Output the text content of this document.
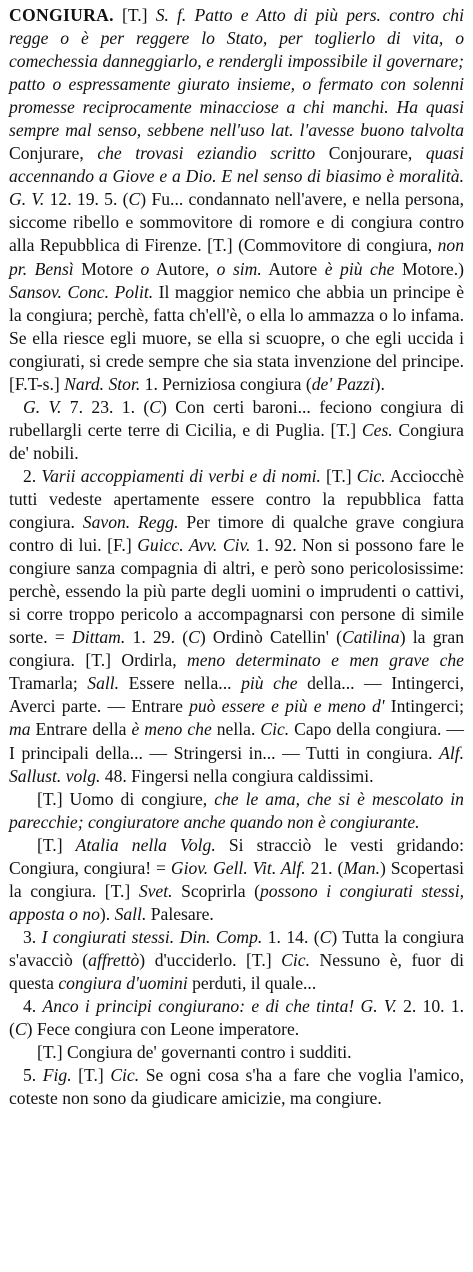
CONGIURA. [T.] S. f. Patto e Atto di più pers. contro chi regge o è per reggere lo Stato, per toglierlo di vita, o comechessia danneggiarlo, e rendergli impossibile il governare; patto o espressamente giurato insieme, o fermato con solenni promesse reciprocamente minacciose a chi manchi. Ha quasi sempre mal senso, sebbene nell'uso lat. l'avesse buono talvolta Conjurare, che trovasi eziandio scritto Conjourare, quasi accennando a Giove e a Dio. E nel senso di biasimo è moralità. G. V. 12. 19. 5. (C) Fu... condannato nell'avere, e nella persona, siccome ribello e sommovitore di romore e di congiura contro alla Repubblica di Firenze. [T.] (Commovitore di congiura, non pr. Bensì Motore o Autore, o sim. Autore è più che Motore.) Sansov. Conc. Polit. Il maggior nemico che abbia un principe è la congiura; perchè, fatta ch'ell'è, o ella lo ammazza o lo infama. Se ella riesce egli muore, se ella si scuopre, o che egli uccida i congiurati, si crede sempre che sia stata invenzione del principe. [F.T-s.] Nard. Stor. 1. Perniziosa congiura (de' Pazzi).

G. V. 7. 23. 1. (C) Con certi baroni... feciono congiura di rubellargli certe terre di Cicilia, e di Puglia. [T.] Ces. Congiura de' nobili.

2. Varii accoppiamenti di verbi e di nomi. [T.] Cic. Acciocchè tutti vedeste apertamente essere contro la repubblica fatta congiura. Savon. Regg. Per timore di qualche grave congiura contro di lui. [F.] Guicc. Avv. Civ. 1. 92. Non si possono fare le congiure sanza compagnia di altri, e però sono pericolosissime: perchè, essendo la più parte degli uomini o imprudenti o cattivi, si corre troppo pericolo a accompagnarsi con persone di simile sorte. = Dittam. 1. 29. (C) Ordinò Catellin' (Catilina) la gran congiura. [T.] Ordirla, meno determinato e men grave che Tramarla; Sall. Essere nella... più che della... — Intingerci, Averci parte. — Entrare può essere e più e meno d' Intingerci; ma Entrare della è meno che nella. Cic. Capo della congiura. — I principali della... — Stringersi in... — Tutti in congiura. Alf. Sallust. volg. 48. Fingersi nella congiura caldissimi.

[T.] Uomo di congiure, che le ama, che si è mescolato in parecchie; congiuratore anche quando non è congiurante.

[T.] Atalia nella Volg. Si stracciò le vesti gridando: Congiura, congiura! = Giov. Gell. Vit. Alf. 21. (Man.) Scopertasi la congiura. [T.] Svet. Scoprirla (possono i congiurati stessi, apposta o no). Sall. Palesare.

3. I congiurati stessi. Din. Comp. 1. 14. (C) Tutta la congiura s'avacciò (affrettò) d'ucciderlo. [T.] Cic. Nessuno è, fuor di questa congiura d'uomini perduti, il quale...

4. Anco i principi congiurano: e di che tinta! G. V. 2. 10. 1. (C) Fece congiura con Leone imperatore.

[T.] Congiura de' governanti contro i sudditi.

5. Fig. [T.] Cic. Se ogni cosa s'ha a fare che voglia l'amico, coteste non sono da giudicare amicizie, ma congiure.
